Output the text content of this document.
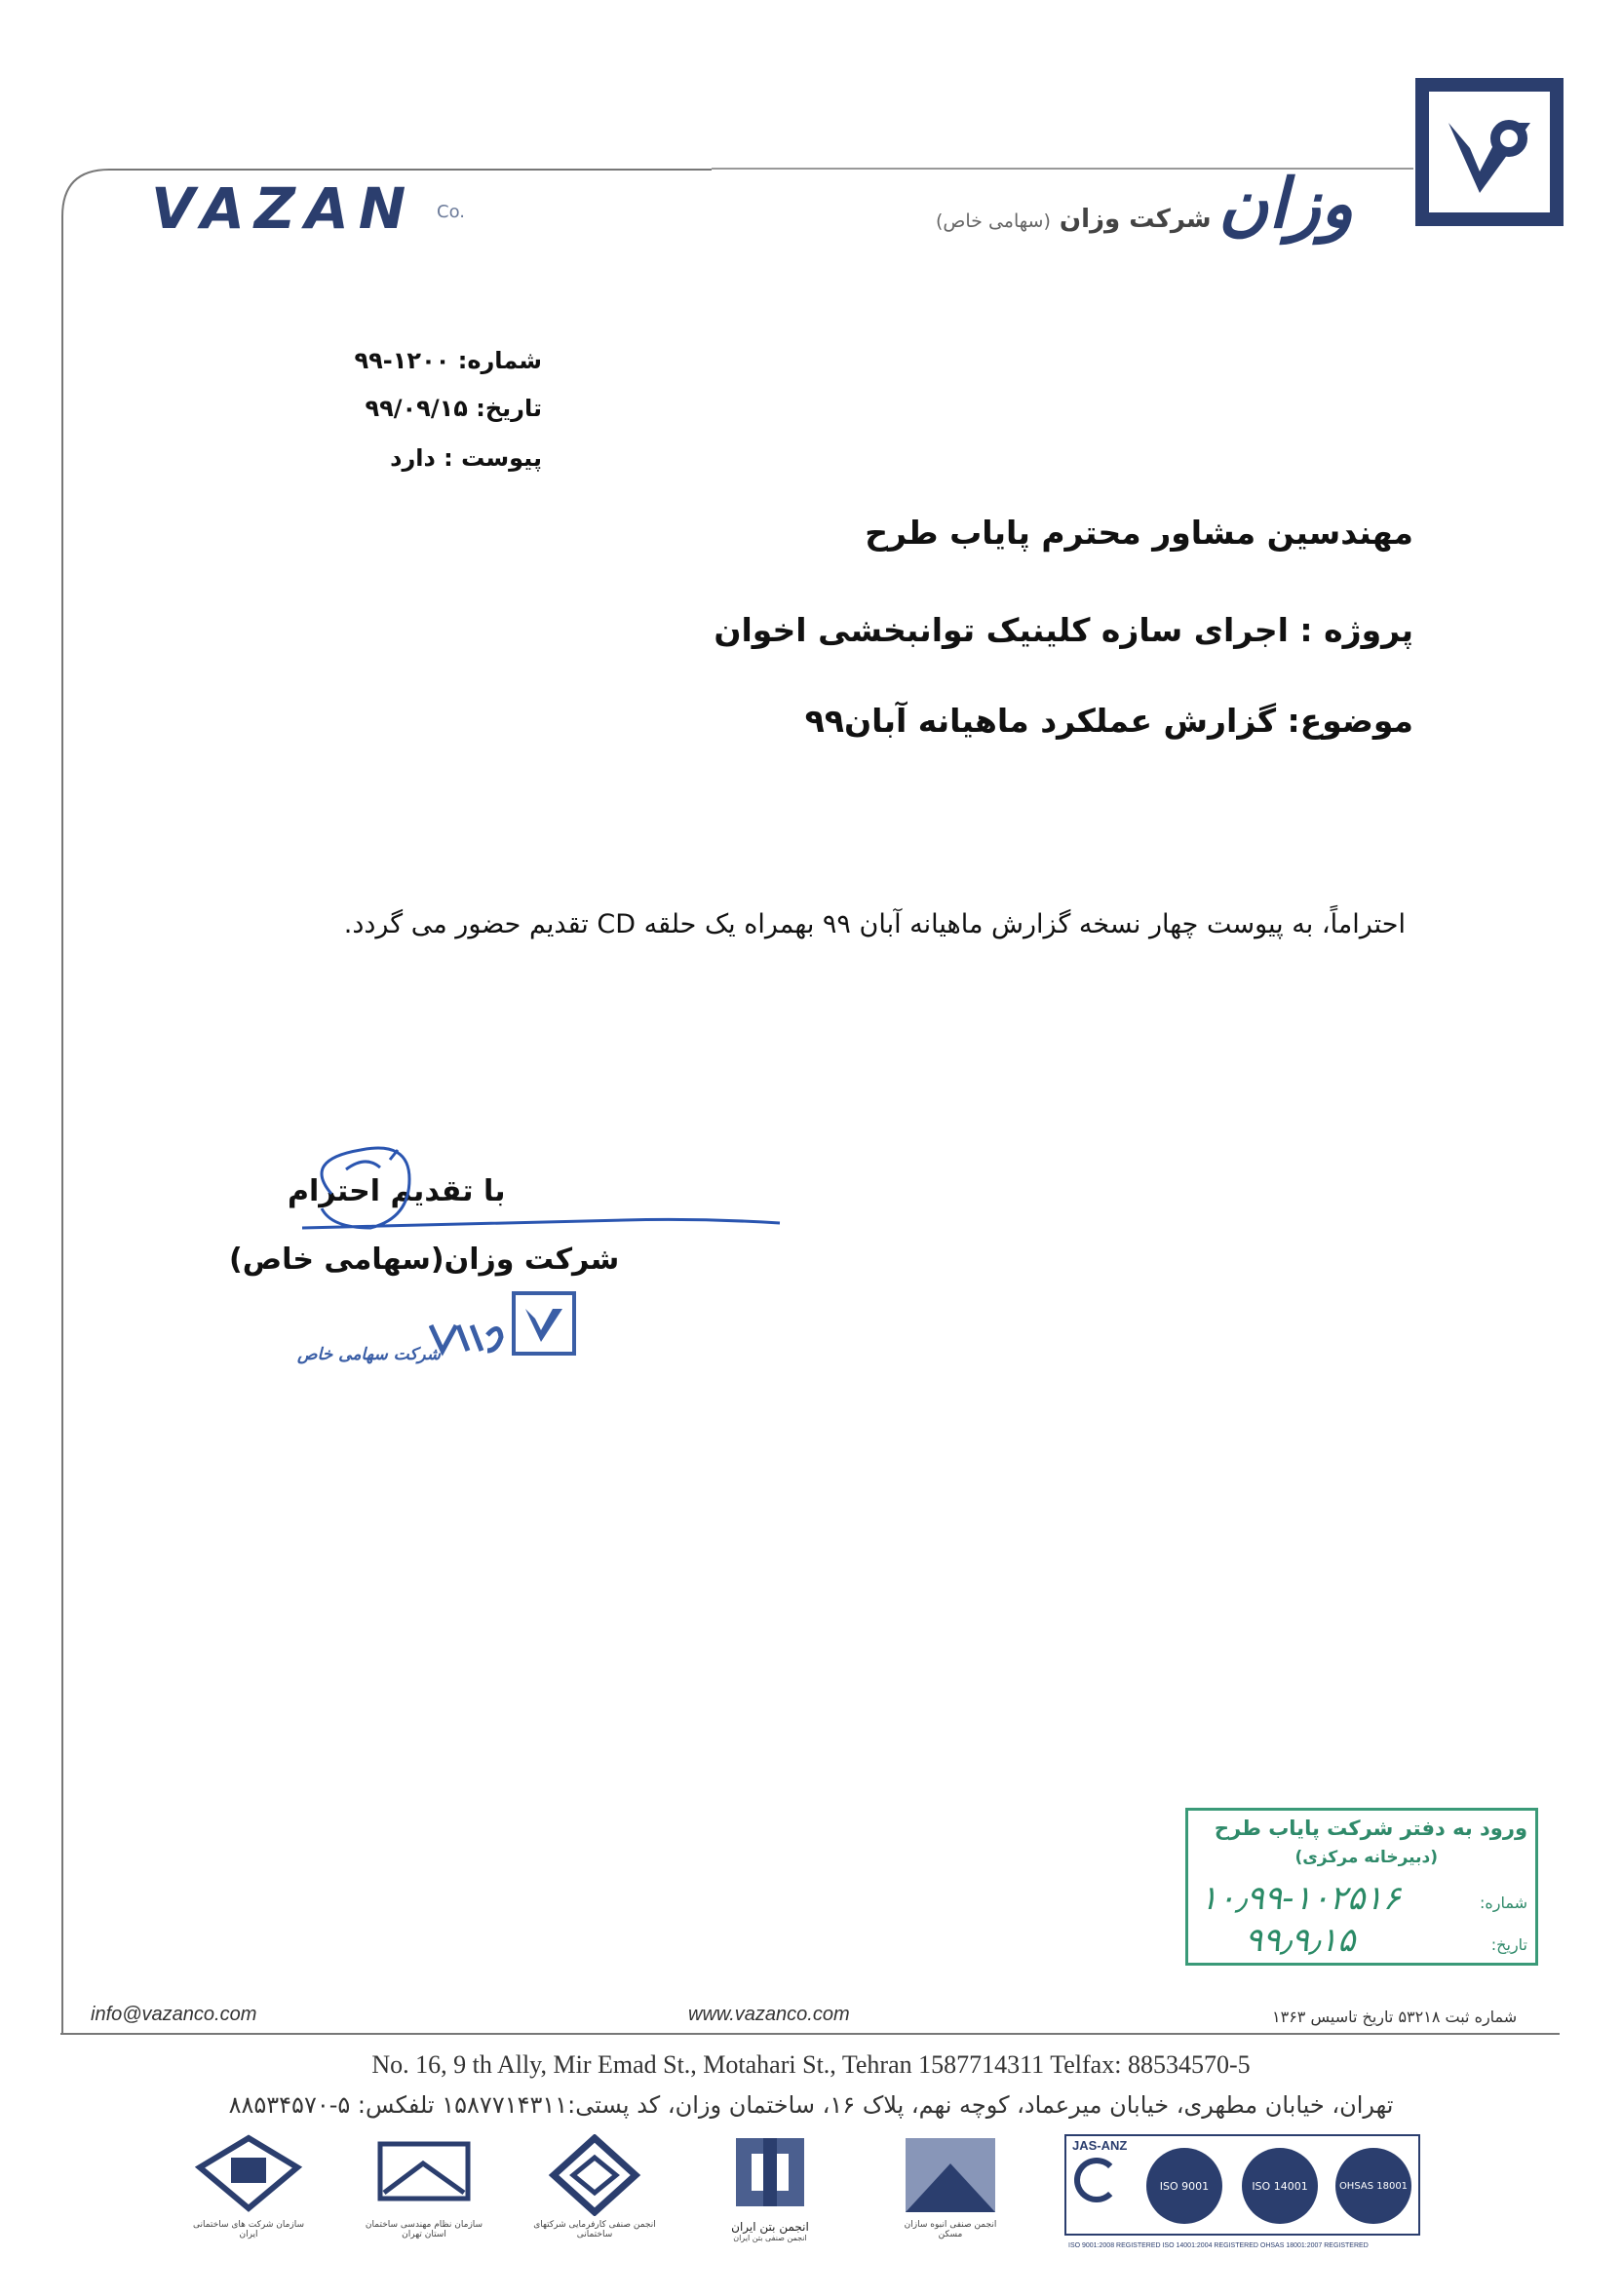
VAZAN Co.	وزان
شرکت وزان (سهامی خاص)
شماره: ۱۲۰۰-۹۹
تاریخ: ۹۹/۰۹/۱۵
پیوست : دارد
مهندسین مشاور محترم پایاب طرح
پروژه : اجرای سازه کلینیک توانبخشی اخوان
موضوع: گزارش عملکرد ماهیانه آبان۹۹
احتراماً، به پیوست چهار نسخه گزارش ماهیانه آبان ۹۹ بهمراه یک حلقه CD تقدیم حضور می گردد.
با تقدیم احترام
شرکت وزان(سهامی خاص)
شرکت سهامی خاص
ورود به دفتر شرکت پایاب طرح
(دبیرخانه مرکزی)
شماره:
۱۰٫۹۹-۱۰۲۵۱۶
تاریخ:
۹۹٫۹٫۱۵
info@vazanco.com	www.vazanco.com	شماره ثبت ۵۳۲۱۸ تاریخ تاسیس ۱۳۶۳
No. 16, 9 th Ally, Mir Emad St., Motahari St., Tehran 1587714311 Telfax: 88534570-5
تهران، خیابان مطهری، خیابان میرعماد، کوچه نهم، پلاک ۱۶، ساختمان وزان، کد پستی:۱۵۸۷۷۱۴۳۱۱ تلفکس: ۵-۸۸۵۳۴۵۷۰
سازمان شرکت های ساختمانی ایران
سازمان نظام مهندسی ساختمان استان تهران
انجمن صنفی کارفرمایی شرکتهای ساختمانی
انجمن بتن ایران
انجمن صنفی بتن ایران
انجمن صنفی انبوه سازان مسکن
JAS-ANZ
ISO 9001	ISO 14001	OHSAS 18001
ISO 9001:2008 REGISTERED ISO 14001:2004 REGISTERED OHSAS 18001:2007 REGISTERED
